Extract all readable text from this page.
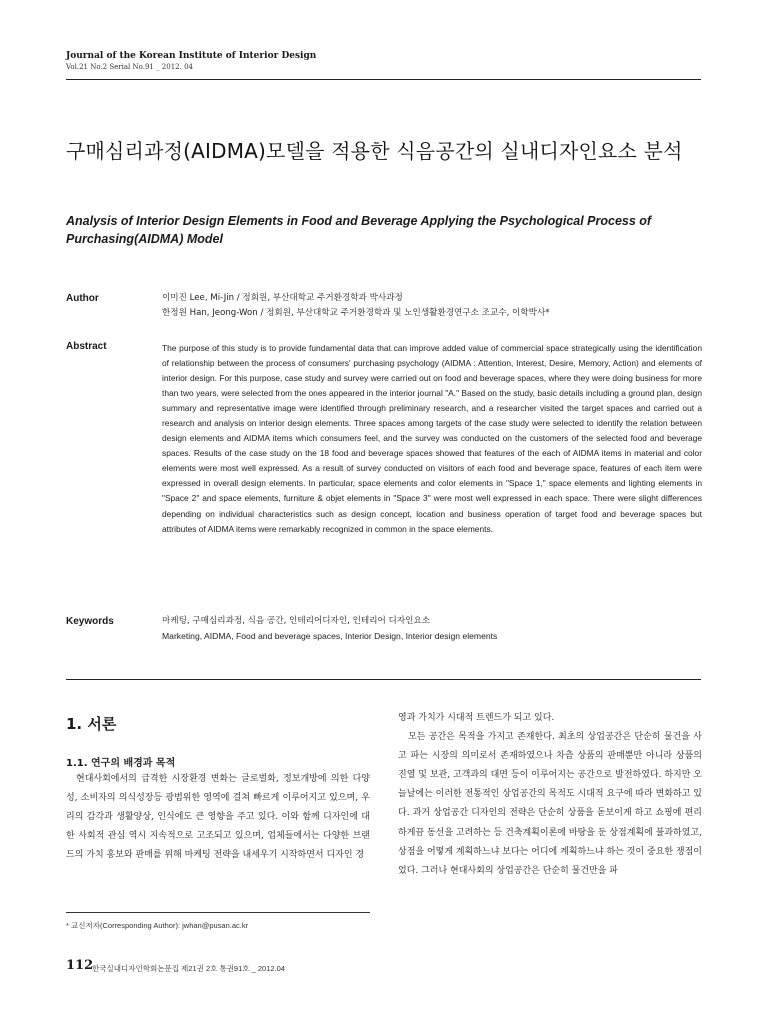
Journal of the Korean Institute of Interior Design
Vol.21 No.2 Serial No.91 _ 2012. 04
구매심리과정(AIDMA)모델을 적용한 식음공간의 실내디자인요소 분석
Analysis of Interior Design Elements in Food and Beverage Applying the Psychological Process of Purchasing(AIDMA) Model
Author	이미진 Lee, Mi-Jin / 정회원, 부산대학교 주거환경학과 박사과정
한정원 Han, Jeong-Won / 정회원, 부산대학교 주거환경학과 및 노인생활환경연구소 조교수, 이학박사*
Abstract	The purpose of this study is to provide fundamental data that can improve added value of commercial space strategically using the identification of relationship between the process of consumers' purchasing psychology (AIDMA : Attention, Interest, Desire, Memory, Action) and elements of interior design. For this purpose, case study and survey were carried out on food and beverage spaces, where they were doing business for more than two years, were selected from the ones appeared in the interior journal "A." Based on the study, basic details including a ground plan, design summary and representative image were identified through preliminary research, and a researcher visited the target spaces and carried out a research and analysis on interior design elements. Three spaces among targets of the case study were selected to identify the relation between design elements and AIDMA items which consumers feel, and the survey was conducted on the customers of the selected food and beverage spaces. Results of the case study on the 18 food and beverage spaces showed that features of the each of AIDMA items in material and color elements were most well expressed. As a result of survey conducted on visitors of each food and beverage space, features of each item were expressed in overall design elements. In particular, space elements and color elements in "Space 1," space elements and lighting elements in "Space 2" and space elements, furniture & objet elements in "Space 3" were most well expressed in each space. There were slight differences depending on individual characteristics such as design concept, location and business operation of target food and beverage spaces but attributes of AIDMA items were remarkably recognized in common in the space elements.
Keywords	마케팅, 구매심리과정, 식음 공간, 인테리어디자인, 인테리어 디자인요소
Marketing, AIDMA, Food and beverage spaces, Interior Design, Interior design elements
1. 서론
1.1. 연구의 배경과 목적
현대사회에서의 급격한 시장환경 변화는 글로벌화, 정보개방에 의한 다양성, 소비자의 의식성장등 광범위한 영역에 걸쳐 빠르게 이루어지고 있으며, 우리의 감각과 생활양상, 인식에도 큰 영향을 주고 있다. 이와 함께 디자인에 대한 사회적 관심 역시 지속적으로 고조되고 있으며, 업체들에서는 다양한 브랜드의 가치 홍보와 판매를 위해 마케팅 전략을 내세우기 시작하면서 디자인 경

영과 가치가 시대적 트렌드가 되고 있다.

모든 공간은 목적을 가지고 존재한다. 최초의 상업공간은 단순히 물건을 사고 파는 시장의 의미로서 존재하였으나 차츰 상품의 판매뿐만 아니라 상품의 진열 및 보관, 고객과의 대면 등이 이루어지는 공간으로 발전하였다. 하지만 오늘날에는 이러한 전통적인 상업공간의 목적도 시대적 요구에 따라 변화하고 있다. 과거 상업공간 디자인의 전략은 단순히 상품을 돋보이게 하고 쇼핑에 편리하게끔 동선을 고려하는 등 건축계획이론에 바탕을 둔 상점계획에 불과하였고, 상점을 어떻게 계획하느냐 보다는 어디에 계획하느냐 하는 것이 중요한 쟁점이었다. 그러나 현대사회의 상업공간은 단순히 물건만을 파

* 교신저자(Corresponding Author): jwhan@pusan.ac.kr
112
한국실내디자인학회논문집 제21권 2호 통권91호 _ 2012.04
